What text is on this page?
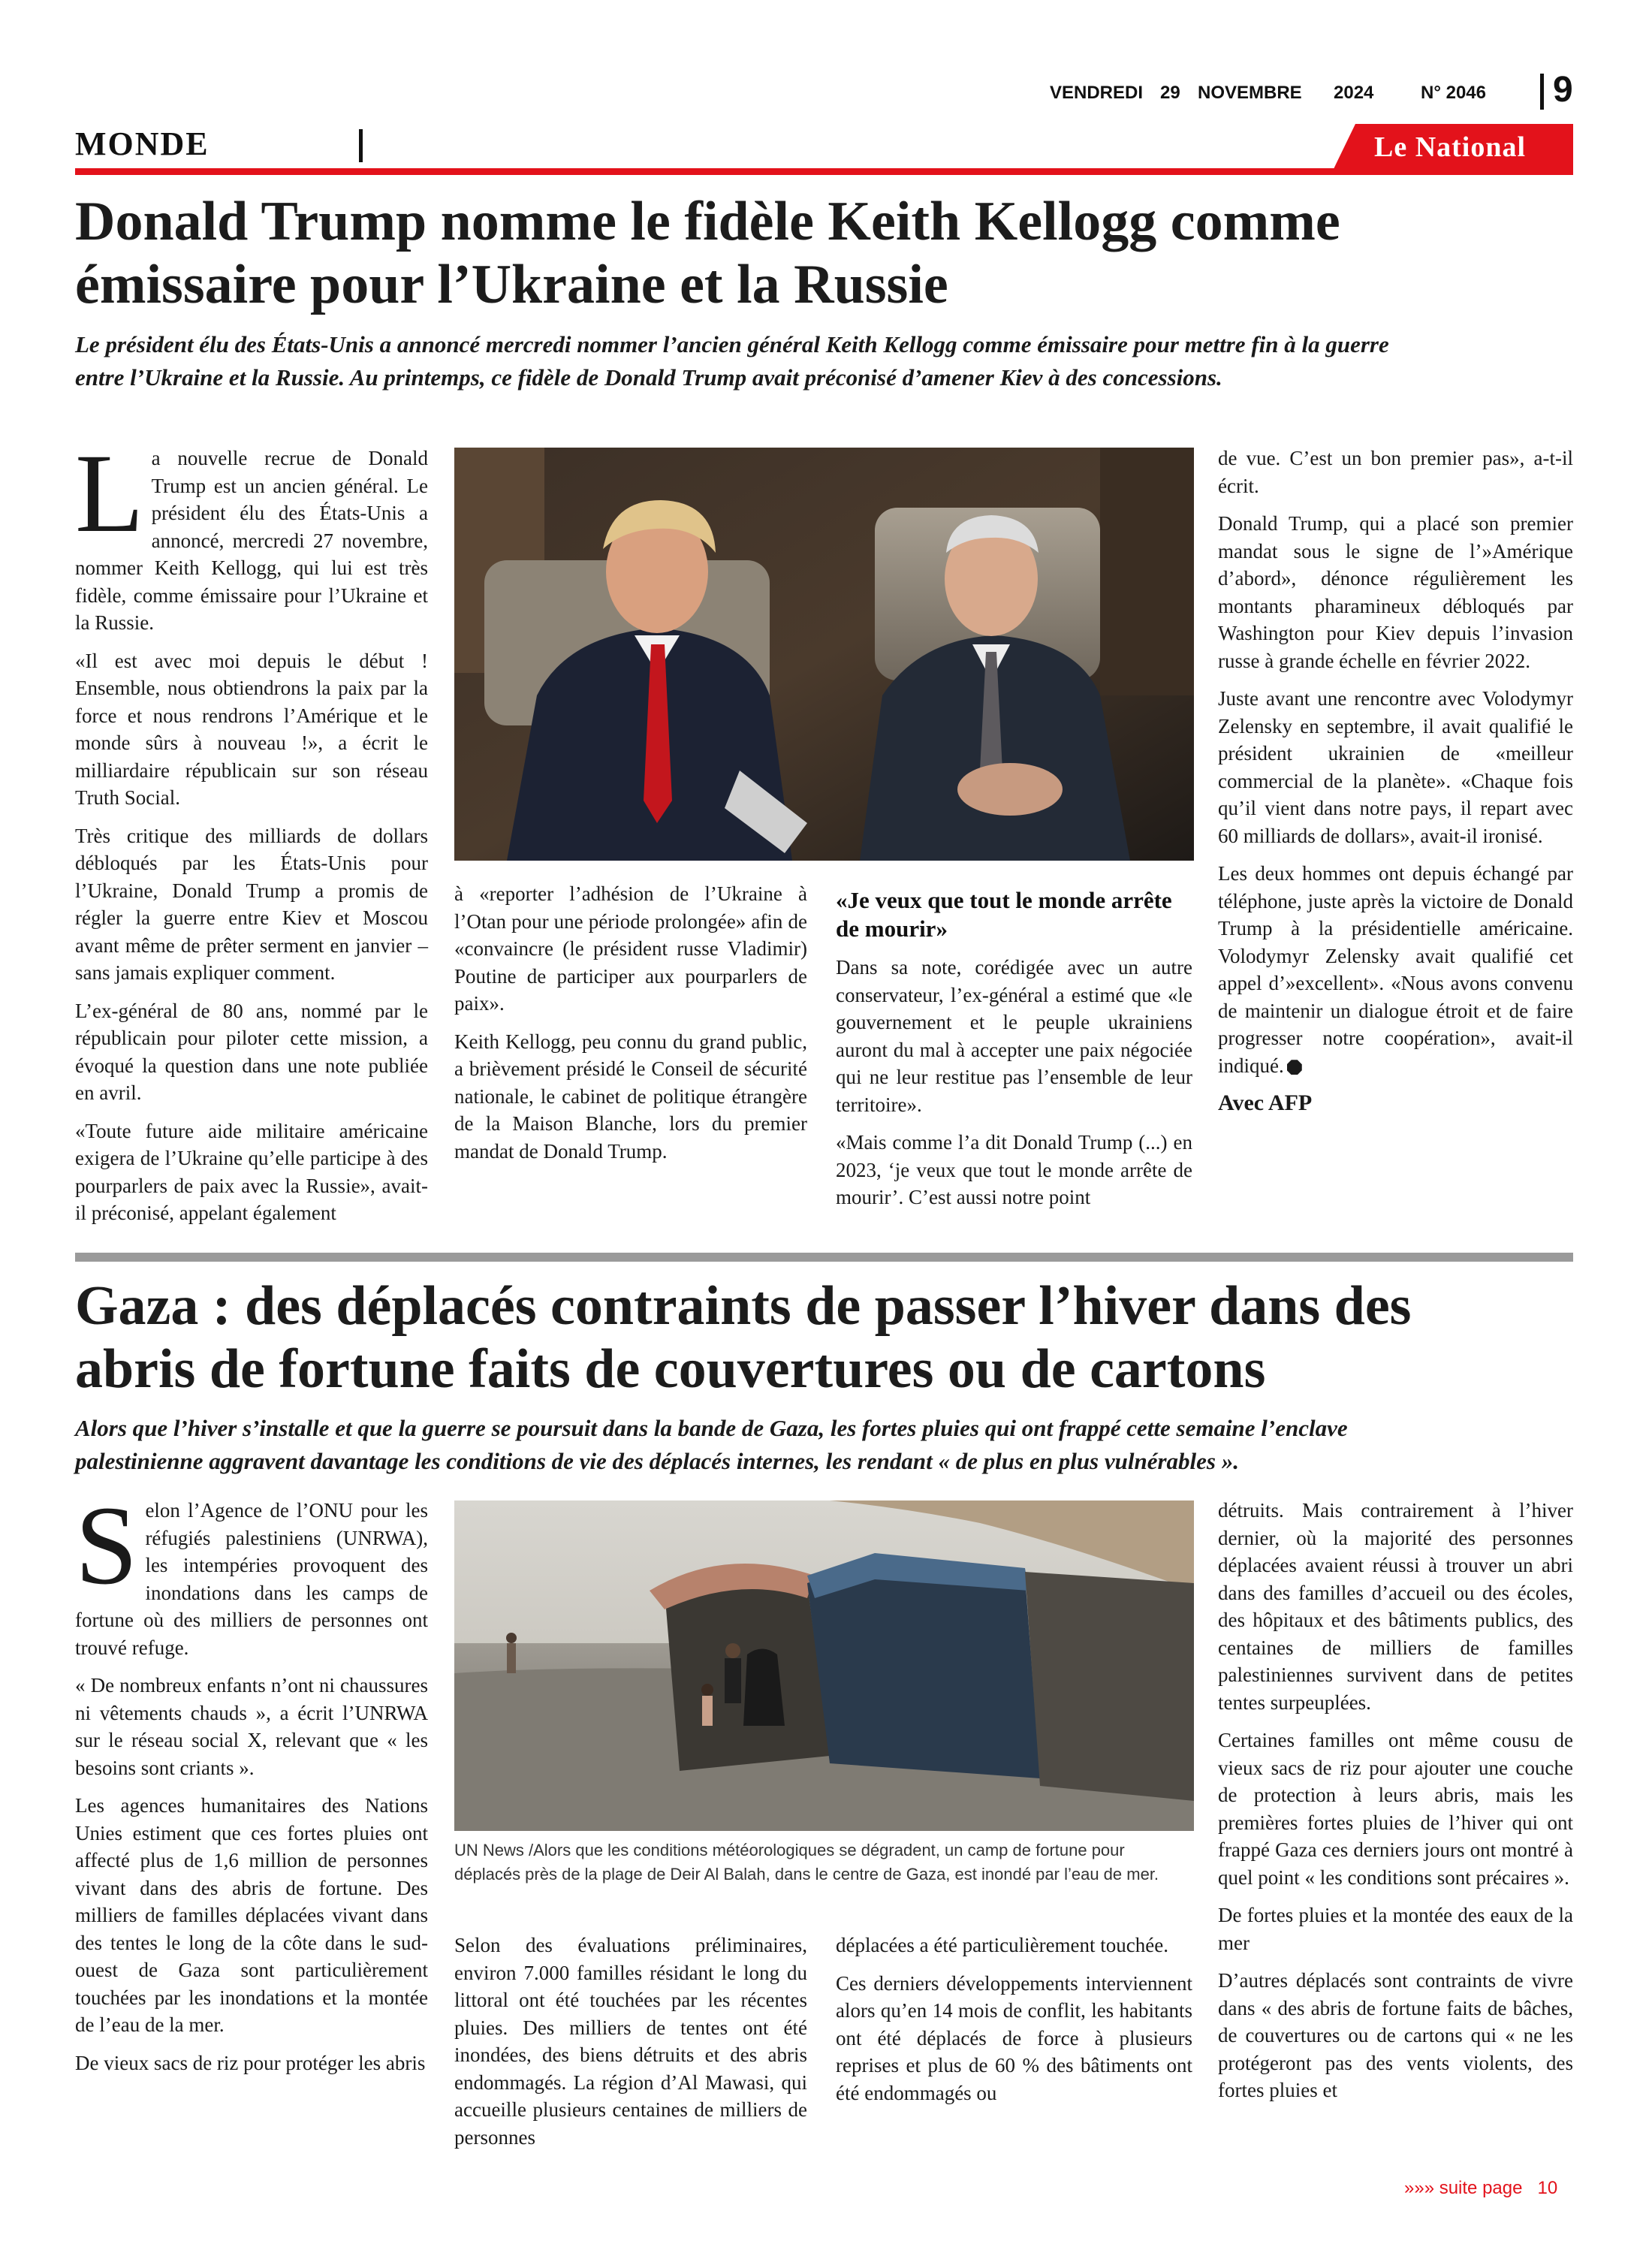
VENDREDI 29 NOVEMBRE 2024	N° 2046 9
MONDE	Le National
Donald Trump nomme le fidèle Keith Kellogg comme
émissaire pour l’Ukraine et la Russie

Le président élu des États-Unis a annoncé mercredi nommer l’ancien général Keith Kellogg comme émissaire pour mettre fin à la guerre
entre l’Ukraine et la Russie. Au printemps, ce fidèle de Donald Trump avait préconisé d’amener Kiev à des concessions.

La nouvelle recrue de Donald Trump est un ancien général. Le président élu des États-Unis a annoncé, mercredi 27 novembre, nommer Keith Kellogg, qui lui est très fidèle, comme émissaire pour l’Ukraine et la Russie.

«Il est avec moi depuis le début ! Ensemble, nous obtiendrons la paix par la force et nous rendrons l’Amérique et le monde sûrs à nouveau !», a écrit le milliardaire républicain sur son réseau Truth Social.

Très critique des milliards de dollars débloqués par les États-Unis pour l’Ukraine, Donald Trump a promis de régler la guerre entre Kiev et Moscou avant même de prêter serment en janvier – sans jamais expliquer comment.

L’ex-général de 80 ans, nommé par le républicain pour piloter cette mission, a évoqué la question dans une note publiée en avril.

«Toute future aide militaire américaine exigera de l’Ukraine qu’elle participe à des pourparlers de paix avec la Russie», avait-il préconisé, appelant également

à «reporter l’adhésion de l’Ukraine à l’Otan pour une période prolongée» afin de «convaincre (le président russe Vladimir) Poutine de participer aux pourparlers de paix».

Keith Kellogg, peu connu du grand public, a brièvement présidé le Conseil de sécurité nationale, le cabinet de politique étrangère de la Maison Blanche, lors du premier mandat de Donald Trump.

«Je veux que tout le monde arrête de mourir»

Dans sa note, corédigée avec un autre conservateur, l’ex-général a estimé que «le gouvernement et le peuple ukrainiens auront du mal à accepter une paix négociée qui ne leur restitue pas l’ensemble de leur territoire».

«Mais comme l’a dit Donald Trump (...) en 2023, ‘je veux que tout le monde arrête de mourir’. C’est aussi notre point

de vue. C’est un bon premier pas», a-t-il écrit.

Donald Trump, qui a placé son premier mandat sous le signe de l’»Amérique d’abord», dénonce régulièrement les montants pharamineux débloqués par Washington pour Kiev depuis l’invasion russe à grande échelle en février 2022.

Juste avant une rencontre avec Volodymyr Zelensky en septembre, il avait qualifié le président ukrainien de «meilleur commercial de la planète». «Chaque fois qu’il vient dans notre pays, il repart avec 60 milliards de dollars», avait-il ironisé.

Les deux hommes ont depuis échangé par téléphone, juste après la victoire de Donald Trump à la présidentielle américaine. Volodymyr Zelensky avait qualifié cet appel d’»excellent». «Nous avons convenu de maintenir un dialogue étroit et de faire progresser notre coopération», avait-il indiqué.

Avec AFP

Gaza : des déplacés contraints de passer l’hiver dans des
abris de fortune faits de couvertures ou de cartons

Alors que l’hiver s’installe et que la guerre se poursuit dans la bande de Gaza, les fortes pluies qui ont frappé cette semaine l’enclave
palestinienne aggravent davantage les conditions de vie des déplacés internes, les rendant « de plus en plus vulnérables ».

Selon l’Agence de l’ONU pour les réfugiés palestiniens (UNRWA), les intempéries provoquent des inondations dans les camps de fortune où des milliers de personnes ont trouvé refuge.

« De nombreux enfants n’ont ni chaussures ni vêtements chauds », a écrit l’UNRWA sur le réseau social X, relevant que « les besoins sont criants ».

Les agences humanitaires des Nations Unies estiment que ces fortes pluies ont affecté plus de 1,6 million de personnes vivant dans des abris de fortune. Des milliers de familles déplacées vivant dans des tentes le long de la côte dans le sud-ouest de Gaza sont particulièrement touchées par les inondations et la montée de l’eau de la mer.

De vieux sacs de riz pour protéger les abris

UN News /Alors que les conditions météorologiques se dégradent, un camp de fortune pour déplacés près de la plage de Deir Al Balah, dans le centre de Gaza, est inondé par l’eau de mer.

Selon des évaluations préliminaires, environ 7.000 familles résidant le long du littoral ont été touchées par les récentes pluies. Des milliers de tentes ont été inondées, des biens détruits et des abris endommagés. La région d’Al Mawasi, qui accueille plusieurs centaines de milliers de personnes

déplacées a été particulièrement touchée.

Ces derniers développements interviennent alors qu’en 14 mois de conflit, les habitants ont été déplacés de force à plusieurs reprises et plus de 60 % des bâtiments ont été endommagés ou

détruits. Mais contrairement à l’hiver dernier, où la majorité des personnes déplacées avaient réussi à trouver un abri dans des familles d’accueil ou des écoles, des hôpitaux et des bâtiments publics, des centaines de milliers de familles palestiniennes survivent dans de petites tentes surpeuplées.

Certaines familles ont même cousu de vieux sacs de riz pour ajouter une couche de protection à leurs abris, mais les premières fortes pluies de l’hiver qui ont frappé Gaza ces derniers jours ont montré à quel point « les conditions sont précaires ».

De fortes pluies et la montée des eaux de la mer

D’autres déplacés sont contraints de vivre dans « des abris de fortune faits de bâches, de couvertures ou de cartons qui « ne les protégeront pas des vents violents, des fortes pluies et

»»» suite page 10
